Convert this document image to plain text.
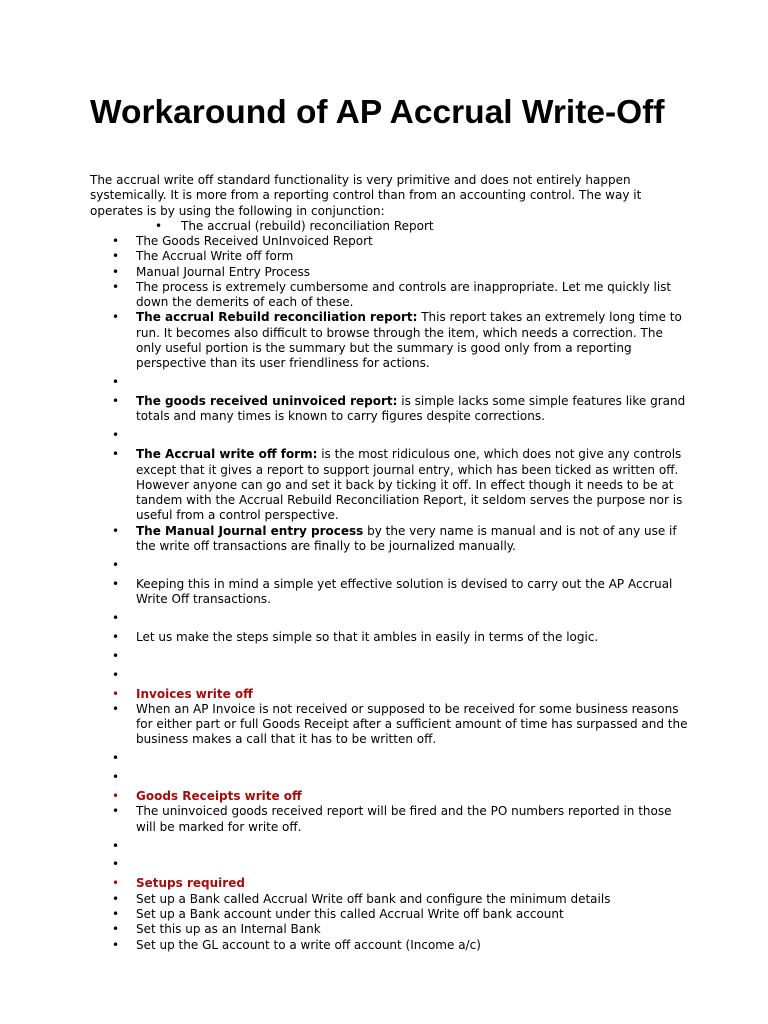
Workaround of AP Accrual Write-Off

The accrual write off standard functionality is very primitive and does not entirely happen systemically. It is more from a reporting control than from an accounting control. The way it operates is by using the following in conjunction:

• The accrual (rebuild) reconciliation Report
• The Goods Received UnInvoiced Report
• The Accrual Write off form
• Manual Journal Entry Process
• The process is extremely cumbersome and controls are inappropriate. Let me quickly list down the demerits of each of these.
• The accrual Rebuild reconciliation report: This report takes an extremely long time to run. It becomes also difficult to browse through the item, which needs a correction. The only useful portion is the summary but the summary is good only from a reporting perspective than its user friendliness for actions.
•
• The goods received uninvoiced report: is simple lacks some simple features like grand totals and many times is known to carry figures despite corrections.
•
• The Accrual write off form: is the most ridiculous one, which does not give any controls except that it gives a report to support journal entry, which has been ticked as written off. However anyone can go and set it back by ticking it off. In effect though it needs to be at tandem with the Accrual Rebuild Reconciliation Report, it seldom serves the purpose nor is useful from a control perspective.
• The Manual Journal entry process by the very name is manual and is not of any use if the write off transactions are finally to be journalized manually.
•
• Keeping this in mind a simple yet effective solution is devised to carry out the AP Accrual Write Off transactions.
•
• Let us make the steps simple so that it ambles in easily in terms of the logic.
•
•
• Invoices write off
• When an AP Invoice is not received or supposed to be received for some business reasons for either part or full Goods Receipt after a sufficient amount of time has surpassed and the business makes a call that it has to be written off.
•
•
• Goods Receipts write off
• The uninvoiced goods received report will be fired and the PO numbers reported in those will be marked for write off.
•
•
• Setups required
• Set up a Bank called Accrual Write off bank and configure the minimum details
• Set up a Bank account under this called Accrual Write off bank account
• Set this up as an Internal Bank
• Set up the GL account to a write off account (Income a/c)
